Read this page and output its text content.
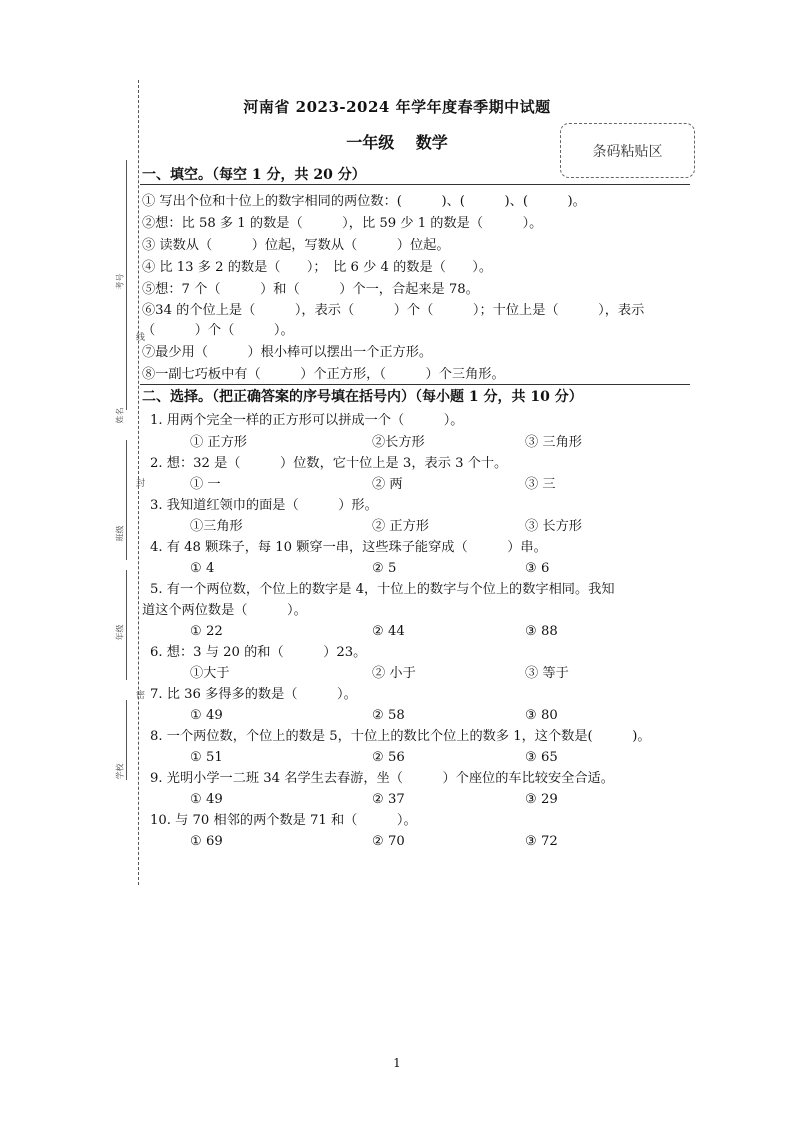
考号
姓名
班级
年级
学校
线
封
密
河南省 2023-2024 年学年度春季期中试题
一年级 数学	条码粘贴区
一、填空。（每空 1 分，共 20 分）
① 写出个位和十位上的数字相同的两位数：(　　　)、(　　　)、(　　　)。
②想：比 58 多 1 的数是（　　　），比 59 少 1 的数是（　　　）。
③ 读数从（　　　）位起，写数从（　　　）位起。
④ 比 13 多 2 的数是（　　）；　比 6 少 4 的数是（　　）。
⑤想：7 个（　　　）和（　　　）个一，合起来是 78。
⑥34 的个位上是（　　　），表示（　　　）个（　　　）；十位上是（　　　），表示
（　　　）个（　　　）。
⑦最少用（　　　）根小棒可以摆出一个正方形。
⑧一副七巧板中有（　　　）个正方形，（　　　）个三角形。
二、选择。（把正确答案的序号填在括号内）（每小题 1 分，共 10 分）
1. 用两个完全一样的正方形可以拼成一个（　　　）。
① 正方形	②长方形	③ 三角形
2. 想：32 是（　　　）位数，它十位上是 3，表示 3 个十。
① 一	② 两	③ 三
3. 我知道红领巾的面是（　　　）形。
①三角形	② 正方形	③ 长方形
4. 有 48 颗珠子，每 10 颗穿一串，这些珠子能穿成（　　　）串。
① 4	② 5	③ 6
5. 有一个两位数，个位上的数字是 4，十位上的数字与个位上的数字相同。我知
道这个两位数是（　　　）。
① 22	② 44	③ 88
6. 想：3 与 20 的和（　　　）23。
①大于	② 小于	③ 等于
7. 比 36 多得多的数是（　　　）。
① 49	② 58	③ 80
8. 一个两位数，个位上的数是 5，十位上的数比个位上的数多 1，这个数是(　　　)。
① 51	② 56	③ 65
9. 光明小学一二班 34 名学生去春游，坐（　　　）个座位的车比较安全合适。
① 49	② 37	③ 29
10. 与 70 相邻的两个数是 71 和（　　　）。
① 69	② 70	③ 72
1
